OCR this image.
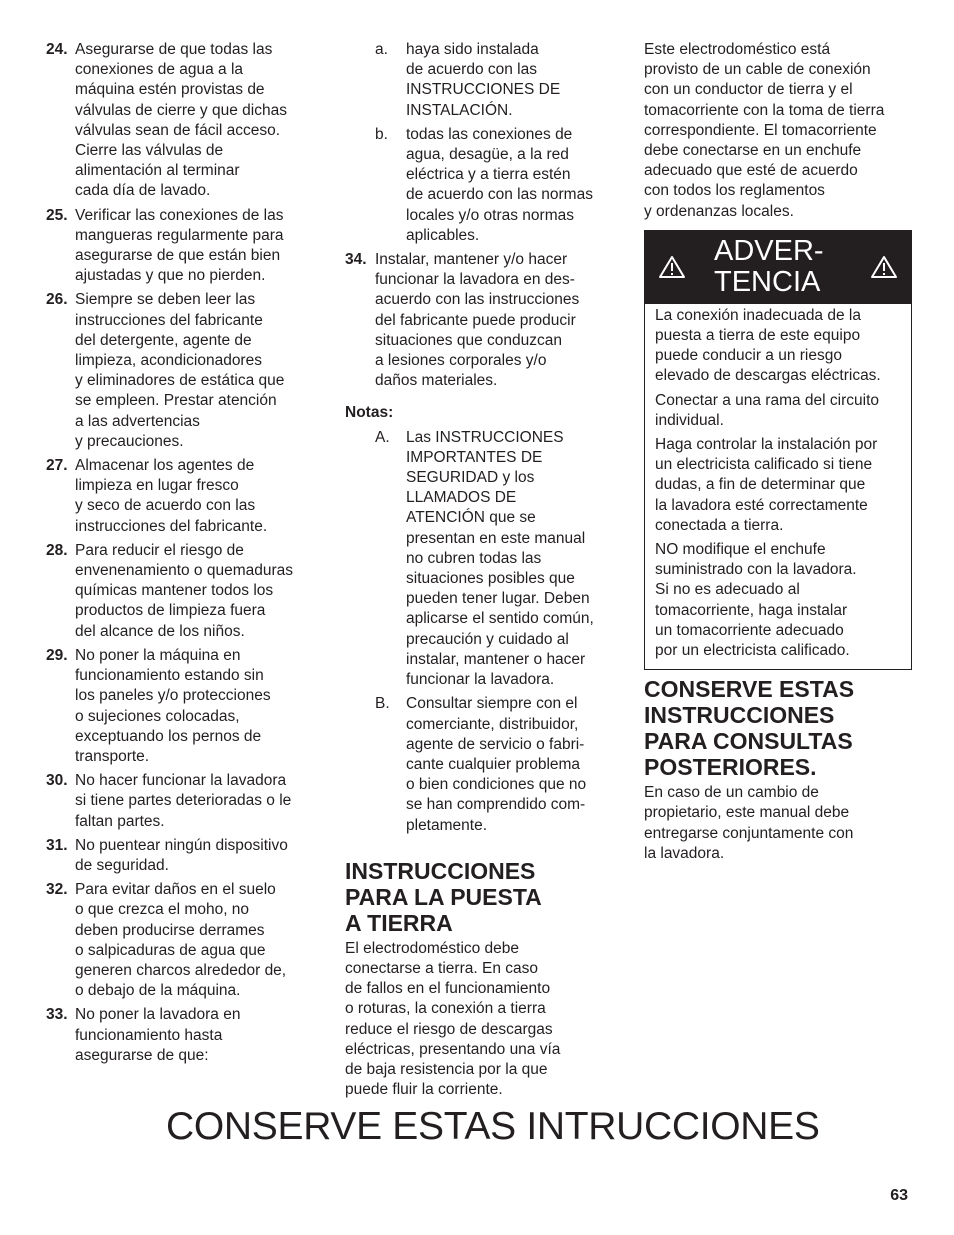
24. Asegurarse de que todas las
conexiones de agua a la
máquina estén provistas de
válvulas de cierre y que dichas
válvulas sean de fácil acceso.
Cierre las válvulas de
alimentación al terminar
cada día de lavado.
25. Verificar las conexiones de las
mangueras regularmente para
asegurarse de que están bien
ajustadas y que no pierden.
26. Siempre se deben leer las
instrucciones del fabricante
del detergente, agente de
limpieza, acondicionadores
y eliminadores de estática que
se empleen. Prestar atención
a las advertencias
y precauciones.
27. Almacenar los agentes de
limpieza en lugar fresco
y seco de acuerdo con las
instrucciones del fabricante.
28. Para reducir el riesgo de
envenenamiento o quemaduras
químicas mantener todos los
productos de limpieza fuera
del alcance de los niños.
29. No poner la máquina en
funcionamiento estando sin
los paneles y/o protecciones
o sujeciones colocadas,
exceptuando los pernos de
transporte.
30. No hacer funcionar la lavadora
si tiene partes deterioradas o le
faltan partes.
31. No puentear ningún dispositivo
de seguridad.
32. Para evitar daños en el suelo
o que crezca el moho, no
deben producirse derrames
o salpicaduras de agua que
generen charcos alrededor de,
o debajo de la máquina.
33. No poner la lavadora en
funcionamiento hasta
asegurarse de que:
a.	haya sido instalada
de acuerdo con las
INSTRUCCIONES DE
INSTALACIÓN.
b.	todas las conexiones de
agua, desagüe, a la red
eléctrica y a tierra estén
de acuerdo con las normas
locales y/o otras normas
aplicables.
34. Instalar, mantener y/o hacer
funcionar la lavadora en des-
acuerdo con las instrucciones
del fabricante puede producir
situaciones que conduzcan
a lesiones corporales y/o
daños materiales.
Notas:
A.	Las INSTRUCCIONES
IMPORTANTES DE
SEGURIDAD y los
LLAMADOS DE
ATENCIÓN que se
presentan en este manual
no cubren todas las
situaciones posibles que
pueden tener lugar. Deben
aplicarse el sentido común,
precaución y cuidado al
instalar, mantener o hacer
funcionar la lavadora.
B.	Consultar siempre con el
comerciante, distribuidor,
agente de servicio o fabri-
cante cualquier problema
o bien condiciones que no
se han comprendido com-
pletamente.
INSTRUCCIONES
PARA LA PUESTA
A TIERRA
El electrodoméstico debe
conectarse a tierra. En caso
de fallos en el funcionamiento
o roturas, la conexión a tierra
reduce el riesgo de descargas
eléctricas, presentando una vía
de baja resistencia por la que
puede fluir la corriente.
Este electrodoméstico está
provisto de un cable de conexión
con un conductor de tierra y el
tomacorriente con la toma de tierra
correspondiente. El tomacorriente
debe conectarse en un enchufe
adecuado que esté de acuerdo
con todos los reglamentos
y ordenanzas locales.
ADVER-
TENCIA

La conexión inadecuada de la
puesta a tierra de este equipo
puede conducir a un riesgo
elevado de descargas eléctricas.

Conectar a una rama del circuito
individual.

Haga controlar la instalación por
un electricista calificado si tiene
dudas, a fin de determinar que
la lavadora esté correctamente
conectada a tierra.

NO modifique el enchufe
suministrado con la lavadora.
Si no es adecuado al
tomacorriente, haga instalar
un tomacorriente adecuado
por un electricista calificado.

CONSERVE ESTAS
INSTRUCCIONES
PARA CONSULTAS
POSTERIORES.
En caso de un cambio de
propietario, este manual debe
entregarse conjuntamente con
la lavadora.
CONSERVE ESTAS INTRUCCIONES
63
